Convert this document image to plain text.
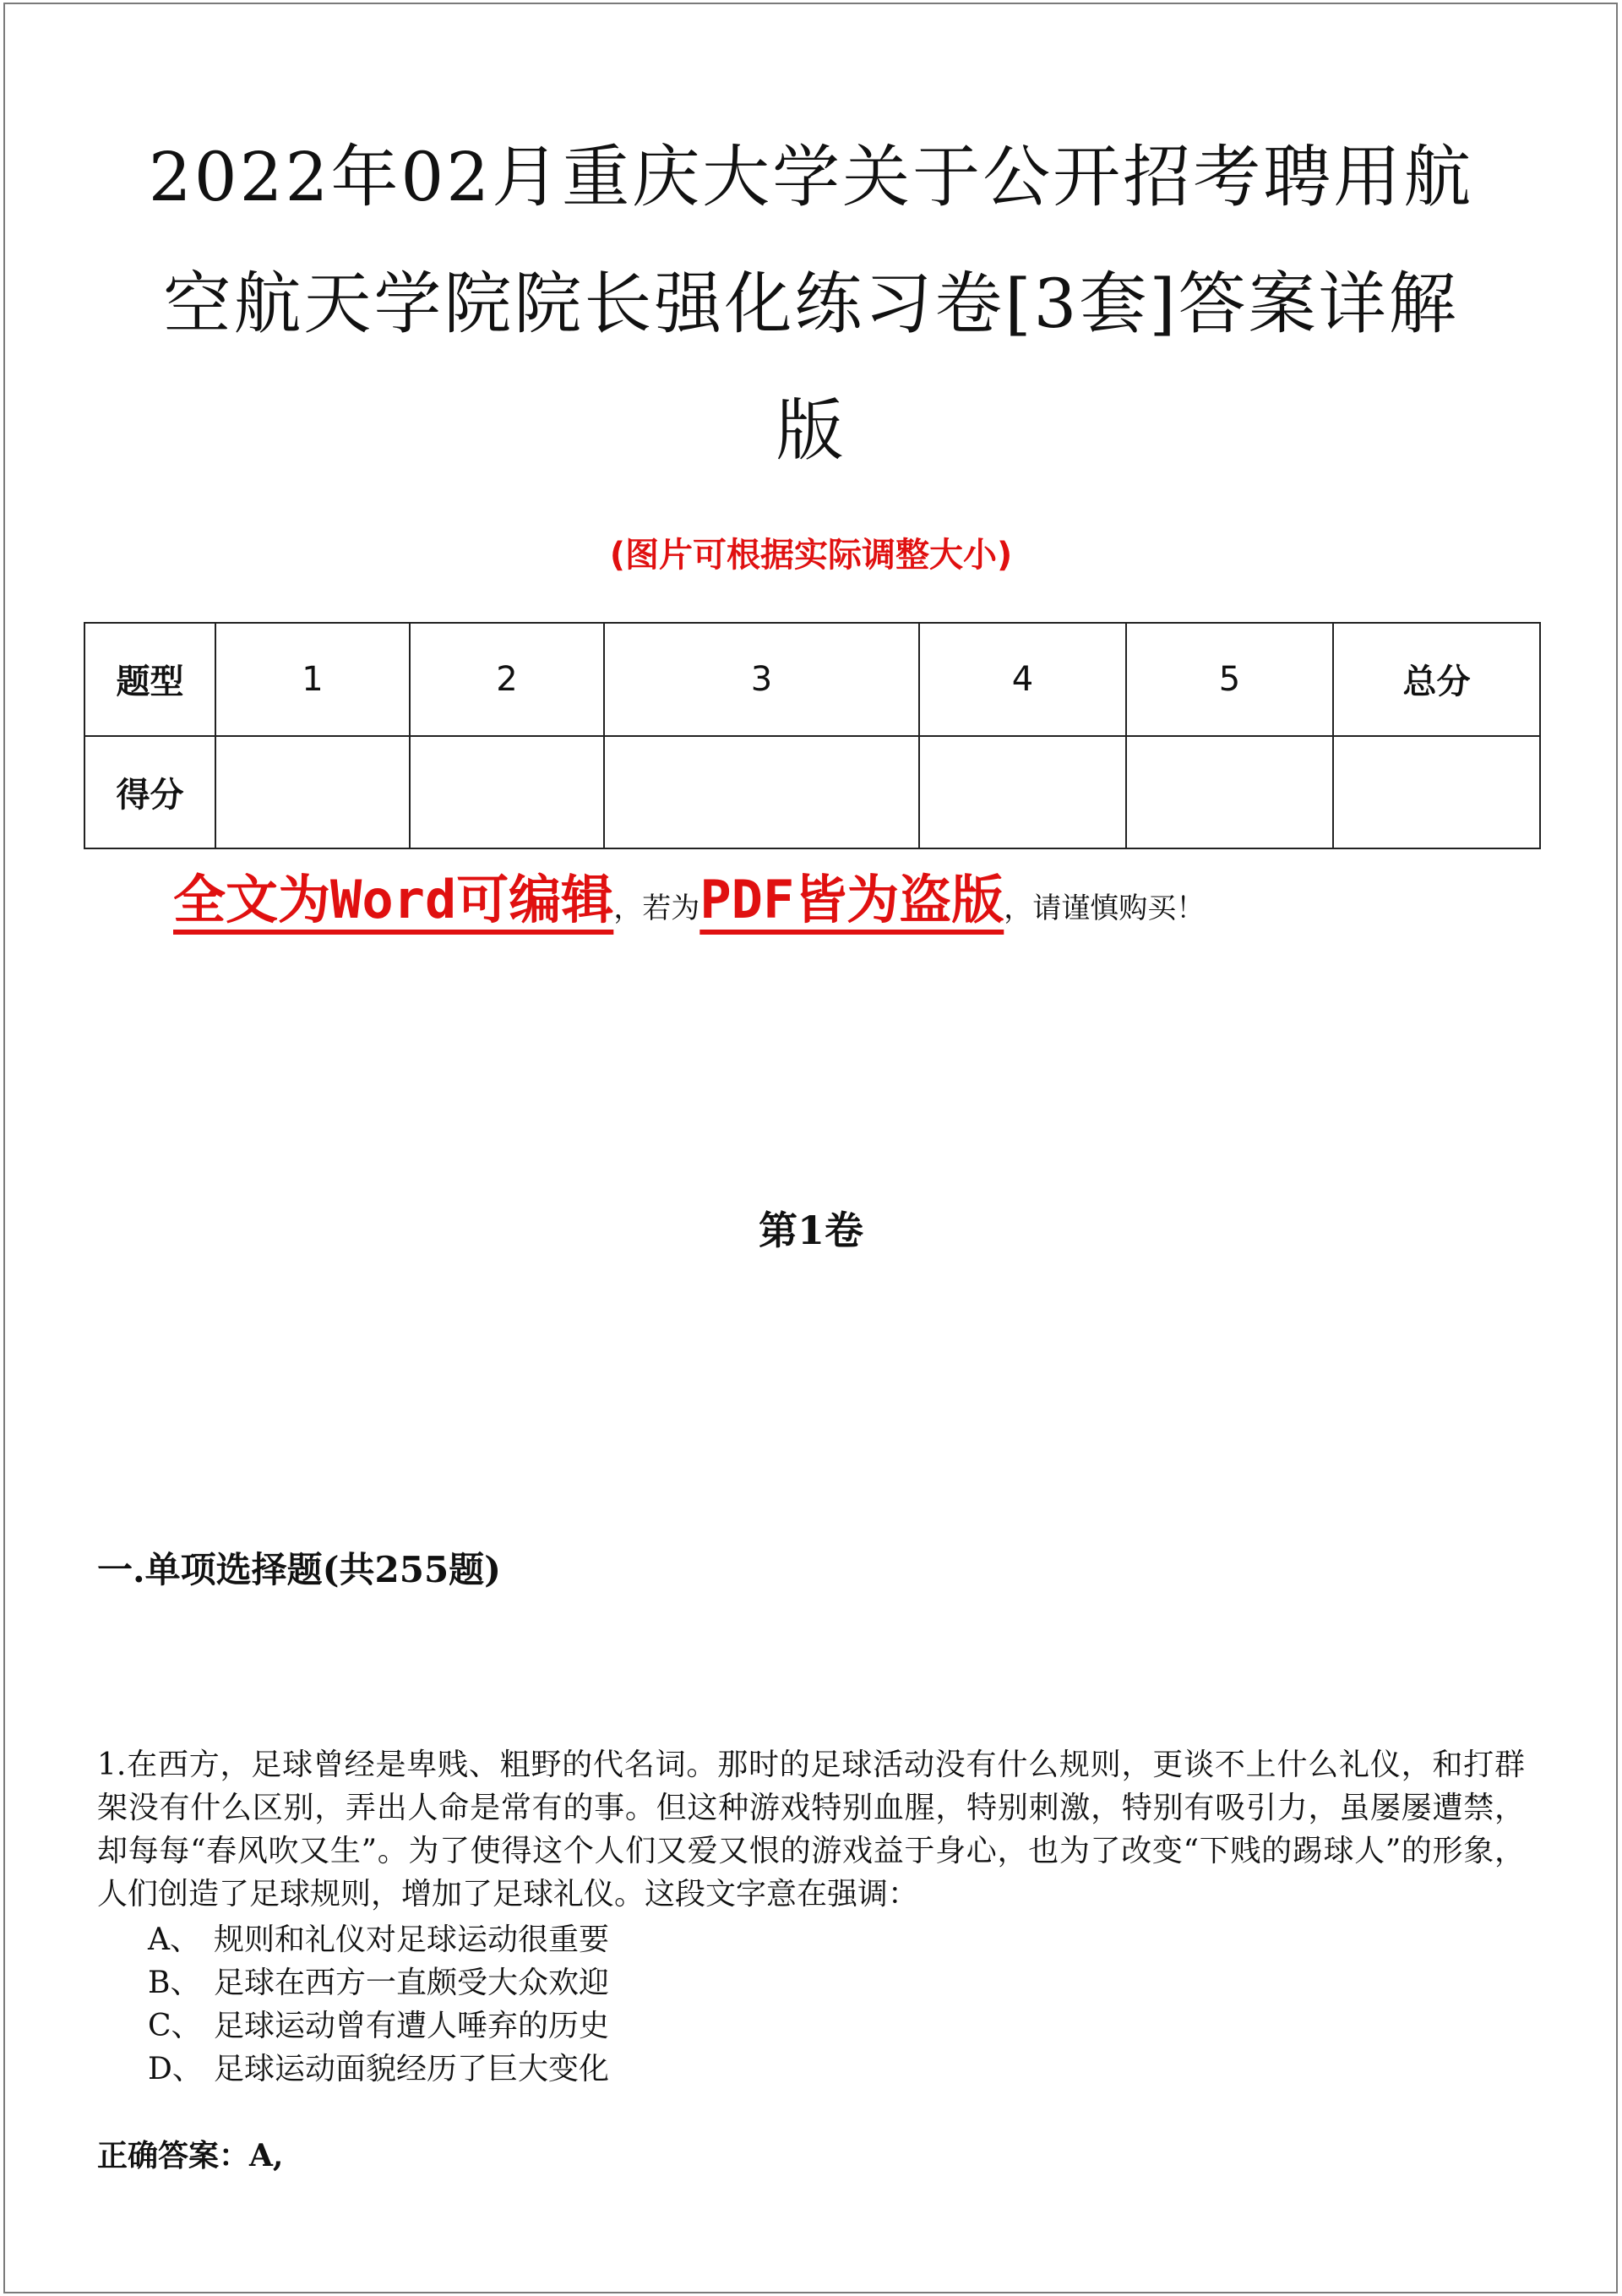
2022年02月重庆大学关于公开招考聘用航
空航天学院院长强化练习卷[3套]答案详解
版
(图片可根据实际调整大小)
题型	1	2	3	4	5	总分
得分						
全文为Word可编辑，若为PDF皆为盗版，请谨慎购买！
第1卷
一.单项选择题(共255题)
1.在西方，足球曾经是卑贱、粗野的代名词。那时的足球活动没有什么规则，更谈不上什么礼仪，和打群架没有什么区别，弄出人命是常有的事。但这种游戏特别血腥，特别刺激，特别有吸引力，虽屡屡遭禁，却每每“春风吹又生”。为了使得这个人们又爱又恨的游戏益于身心，也为了改变“下贱的踢球人”的形象，人们创造了足球规则，增加了足球礼仪。这段文字意在强调：
A、 规则和礼仪对足球运动很重要
B、 足球在西方一直颇受大众欢迎
C、 足球运动曾有遭人唾弃的历史
D、 足球运动面貌经历了巨大变化
正确答案：A,
